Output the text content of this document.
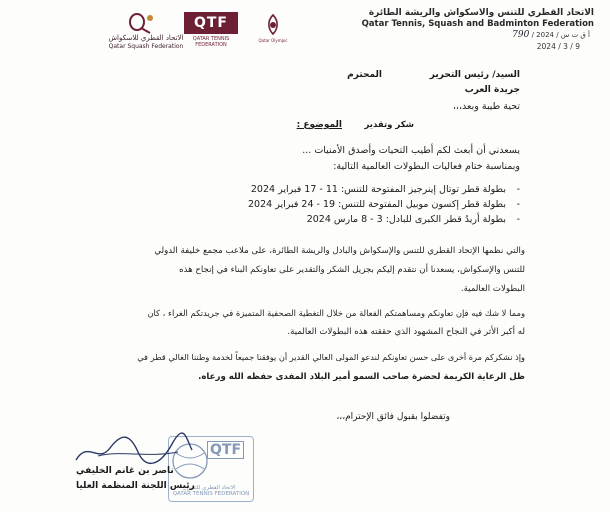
الاتحاد القطري للاسكواش
Qatar Squash Federation
QTF
QATAR TENNIS FEDERATION
Qatar Olympic
الاتحاد القطري للتنس والاسكواش والريشة الطائرة
Qatar Tennis, Squash and Badminton Federation
أ ق ت س / 2024 / 790
2024 / 3 / 9
السيد/ رئيس التحرير
المحترم
جريدة العرب
تحية طيبة وبعد،،،
الموضوع :	شكر وتقدير
يسعدني أن أبعث لكم أطيب التحيات وأصدق الأمنيات ...
وبمناسبة ختام فعاليات البطولات العالمية التالية:
- بطولة قطر توتال إينرجيز المفتوحة للتنس: 11 - 17 فبراير 2024
- بطولة قطر إكسون موبيل المفتوحة للتنس: 19 - 24 فبراير 2024
- بطولة أريدُ قطر الكبرى للبادل: 3 - 8 مارس 2024
والتي نظمها الإتحاد القطري للتنس والإسكواش والبادل والريشة الطائرة، على ملاعب مجمع خليفة الدولي
للتنس والإسكواش، يسعدنا أن نتقدم إليكم بجزيل الشكر والتقدير على تعاونكم البناء في إنجاح هذه
البطولات العالمية.
ومما لا شك فيه فإن تعاونكم ومساهمتكم الفعالة من خلال التغطية الصحفية المتميزة في جريدتكم الغراء ، كان
له أكبر الأثر في النجاح المشهود الذي حققته هذه البطولات العالمية.
وإذ نشكركم مرة أخرى على حسن تعاونكم لندعو المولى العالي القدير أن يوفقنا جميعاً لخدمة وطننا الغالي قطر في
ظل الرعاية الكريمة لحضرة صاحب السمو أمير البلاد المفدى حفظه الله ورعاه.
وتفضلوا بقبول فائق الإحترام،،،
QTF
الاتحاد القطري للتنس
QATAR TENNIS FEDERATION
ناصر بن غانم الخليفي
رئيس اللجنة المنظمة العليا
